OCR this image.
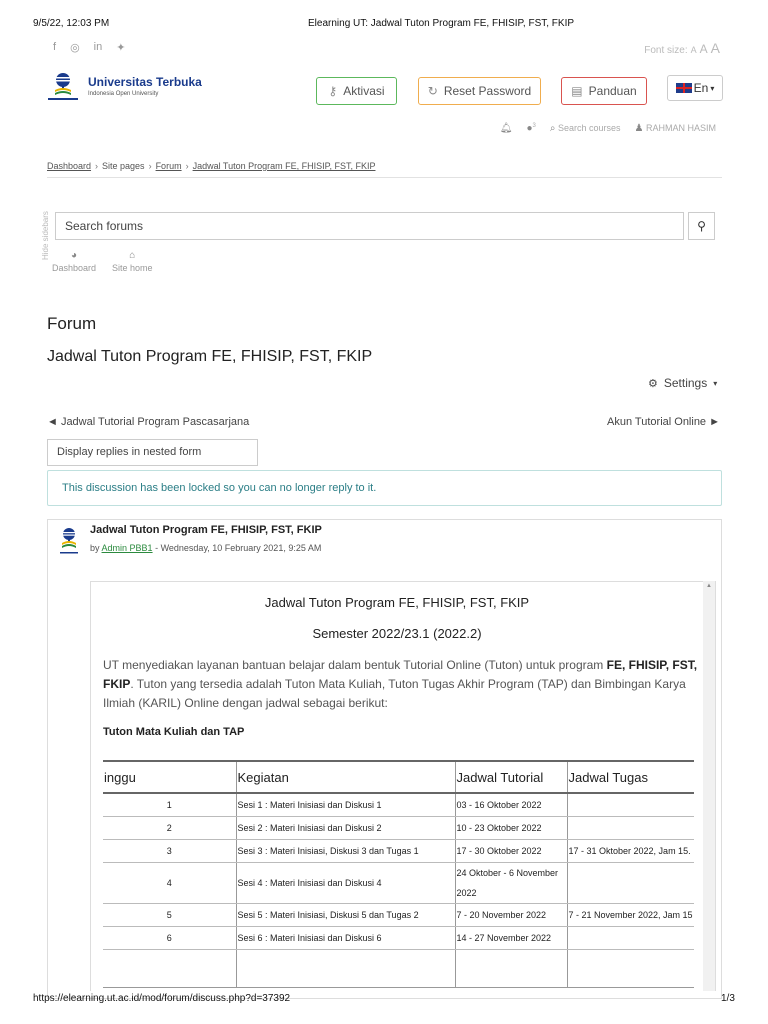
9/5/22, 12:03 PM	Elearning UT: Jadwal Tuton Program FE, FHISIP, FST, FKIP
f ◎ in ✦	Font size: A A A
Universitas Terbuka
Indonesia Open University	⚷ Aktivasi	↻ Reset Password	▤ Panduan	En ▾
🔔︎ ●$^3$ ⌕ Search courses ♟ RAHMAN HASIM
Dashboard › Site pages › Forum › Jadwal Tuton Program FE, FHISIP, FST, FKIP
Hide sidebars	Search forums	⚲
◕
Dashboard
⌂
Site home
Forum
Jadwal Tuton Program FE, FHISIP, FST, FKIP
⚙ Settings ▾
◄ Jadwal Tutorial Program Pascasarjana	Akun Tutorial Online ►
Display replies in nested form
This discussion has been locked so you can no longer reply to it.
Jadwal Tuton Program FE, FHISIP, FST, FKIP
by Admin PBB1 - Wednesday, 10 February 2021, 9:25 AM
▲
Jadwal Tuton Program FE, FHISIP, FST, FKIP
Semester 2022/23.1 (2022.2)
UT menyediakan layanan bantuan belajar dalam bentuk Tutorial Online (Tuton) untuk program FE, FHISIP, FST, FKIP. Tuton yang tersedia adalah Tuton Mata Kuliah, Tuton Tugas Akhir Program (TAP) dan Bimbingan Karya Ilmiah (KARIL) Online dengan jadwal sebagai berikut:
Tuton Mata Kuliah dan TAP
inggu	Kegiatan	Jadwal Tutorial	Jadwal Tugas
1	Sesi 1 : Materi Inisiasi dan Diskusi 1	03 - 16 Oktober 2022	
2	Sesi 2 : Materi Inisiasi dan Diskusi 2	10 - 23 Oktober 2022	
3	Sesi 3 : Materi Inisiasi, Diskusi 3 dan Tugas 1	17 - 30 Oktober 2022	17 - 31 Oktober 2022, Jam 15.
4	Sesi 4 : Materi Inisiasi dan Diskusi 4	24 Oktober - 6 November 2022	
5	Sesi 5 : Materi Inisiasi, Diskusi 5 dan Tugas 2	7 - 20 November 2022	7 - 21 November 2022, Jam 15
6	Sesi 6 : Materi Inisiasi dan Diskusi 6	14 - 27 November 2022	

https://elearning.ut.ac.id/mod/forum/discuss.php?d=37392	1/3
